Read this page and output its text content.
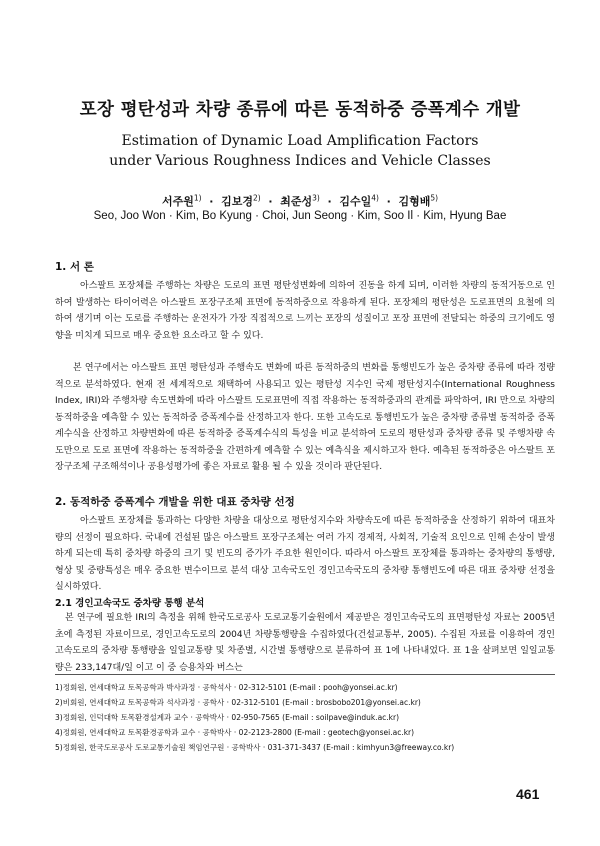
포장 평탄성과 차량 종류에 따른 동적하중 증폭계수 개발
Estimation of Dynamic Load Amplification Factors
under Various Roughness Indices and Vehicle Classes
서주원$^{1)}$ · 김보경$^{2)}$ · 최준성$^{3)}$ · 김수일$^{4)}$ · 김형배$^{5)}$
Seo, Joo Won · Kim, Bo Kyung · Choi, Jun Seong · Kim, Soo Il · Kim, Hyung Bae
1. 서 론

아스팔트 포장체를 주행하는 차량은 도로의 표면 평탄성변화에 의하여 진동을 하게 되며, 이러한 차량의 동적거동으로 인하여 발생하는 타이어력은 아스팔트 포장구조체 표면에 동적하중으로 작용하게 된다. 포장체의 평탄성은 도로표면의 요철에 의하여 생기며 이는 도로를 주행하는 운전자가 가장 직접적으로 느끼는 포장의 성질이고 포장 표면에 전달되는 하중의 크기에도 영향을 미치게 되므로 매우 중요한 요소라고 할 수 있다.

본 연구에서는 아스팔트 표면 평탄성과 주행속도 변화에 따른 동적하중의 변화를 통행빈도가 높은 중차량 종류에 따라 정량적으로 분석하였다. 현재 전 세계적으로 채택하여 사용되고 있는 평탄성 지수인 국제 평탄성지수(International Roughness Index, IRI)와 주행차량 속도변화에 따라 아스팔트 도로표면에 직접 작용하는 동적하중과의 관계를 파악하여, IRI 만으로 차량의 동적하중을 예측할 수 있는 동적하중 증폭계수를 산정하고자 한다. 또한 고속도로 통행빈도가 높은 중차량 종류별 동적하중 증폭계수식을 산정하고 차량변화에 따른 동적하중 증폭계수식의 특성을 비교 분석하여 도로의 평탄성과 중차량 종류 및 주행차량 속도만으로 도로 표면에 작용하는 동적하중을 간편하게 예측할 수 있는 예측식을 제시하고자 한다. 예측된 동적하중은 아스팔트 포장구조체 구조해석이나 공용성평가에 좋은 자료로 활용 될 수 있을 것이라 판단된다.

2. 동적하중 증폭계수 개발을 위한 대표 중차량 선정

아스팔트 포장체를 통과하는 다양한 차량을 대상으로 평탄성지수와 차량속도에 따른 동적하중을 산정하기 위하여 대표차량의 선정이 필요하다. 국내에 건설된 많은 아스팔트 포장구조체는 여러 가지 경제적, 사회적, 기술적 요인으로 인해 손상이 발생하게 되는데 특히 중차량 하중의 크기 및 빈도의 증가가 주요한 원인이다. 따라서 아스팔트 포장체를 통과하는 중차량의 통행량, 형상 및 중량특성은 매우 중요한 변수이므로 분석 대상 고속국도인 경인고속국도의 중차량 통행빈도에 따른 대표 중차량 선정을 실시하였다.

2.1 경인고속국도 중차량 통행 분석

본 연구에 필요한 IRI의 측정을 위해 한국도로공사 도로교통기술원에서 제공받은 경인고속국도의 표면평탄성 자료는 2005년 초에 측정된 자료이므로, 경인고속도로의 2004년 차량통행량을 수집하였다(건설교통부, 2005). 수집된 자료를 이용하여 경인고속도로의 중차량 통행량을 일일교통량 및 차종별, 시간별 통행량으로 분류하여 표 1에 나타내었다. 표 1을 살펴보면 일일교통량은 233,147대/일 이고 이 중 승용차와 버스는

1)정회원, 연세대학교 토목공학과 박사과정 · 공학석사 · 02-312-5101 (E-mail : pooh@yonsei.ac.kr)
2)비회원, 연세대학교 토목공학과 석사과정 · 공학사 · 02-312-5101 (E-mail : brosbobo201@yonsei.ac.kr)
3)정회원, 인덕대학 토목환경설계과 교수 · 공학박사 · 02-950-7565 (E-mail : soilpave@induk.ac.kr)
4)정회원, 연세대학교 토목환경공학과 교수 · 공학박사 · 02-2123-2800 (E-mail : geotech@yonsei.ac.kr)
5)정회원, 한국도로공사 도로교통기술원 책임연구원 · 공학박사 · 031-371-3437 (E-mail : kimhyun3@freeway.co.kr)
461
